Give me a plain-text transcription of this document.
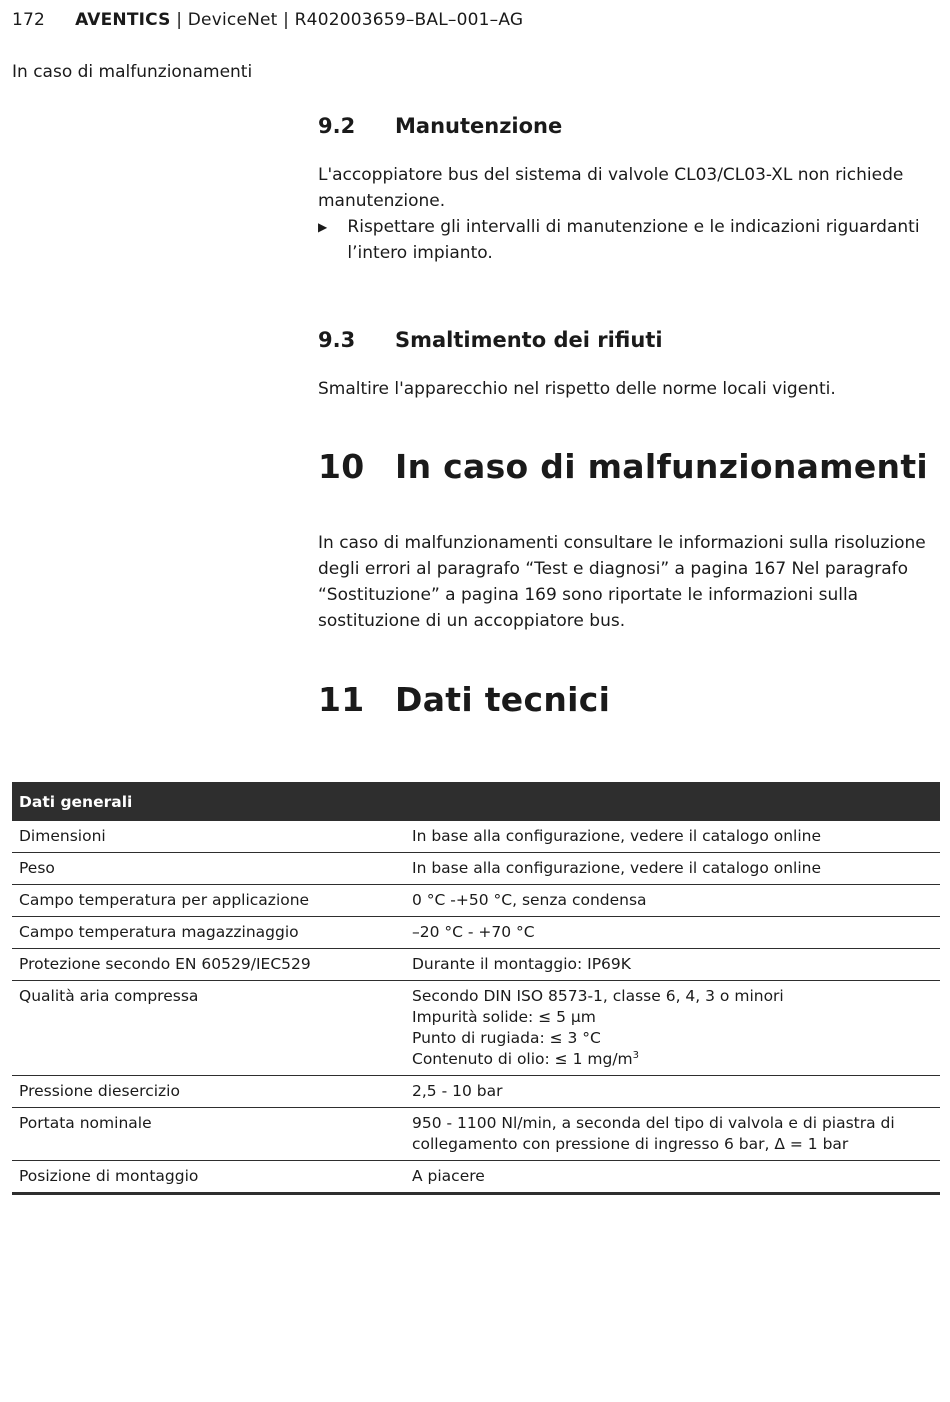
172 AVENTICS | DeviceNet | R402003659–BAL–001–AG
In caso di malfunzionamenti
9.2	Manutenzione
L'accoppiatore bus del sistema di valvole CL03/CL03-XL non richiede manutenzione.
▶	Rispettare gli intervalli di manutenzione e le indicazioni riguardanti l’intero impianto.
9.3	Smaltimento dei rifiuti
Smaltire l'apparecchio nel rispetto delle norme locali vigenti.
10 In caso di malfunzionamenti
In caso di malfunzionamenti consultare le informazioni sulla risoluzione degli errori al paragrafo “Test e diagnosi” a pagina 167 Nel paragrafo “Sostituzione” a pagina 169 sono riportate le informazioni sulla sostituzione di un accoppiatore bus.
11 Dati tecnici
Dati generali	
Dimensioni	In base alla configurazione, vedere il catalogo online
Peso	In base alla configurazione, vedere il catalogo online
Campo temperatura per applicazione	0 °C -+50 °C, senza condensa
Campo temperatura magazzinaggio	–20 °C - +70 °C
Protezione secondo EN 60529/IEC529	Durante il montaggio: IP69K
Qualità aria compressa	Secondo DIN ISO 8573-1, classe 6, 4, 3 o minori
Impurità solide: ≤ 5 µm
Punto di rugiada: ≤ 3 °C
Contenuto di olio: ≤ 1 $mg/m^3$

Pressione diesercizio	2,5 - 10 bar
Portata nominale	950 - 1100 Nl/min, a seconda del tipo di valvola e di piastra di
collegamento con pressione di ingresso 6 bar, Δ = 1 bar

Posizione di montaggio	A piacere
